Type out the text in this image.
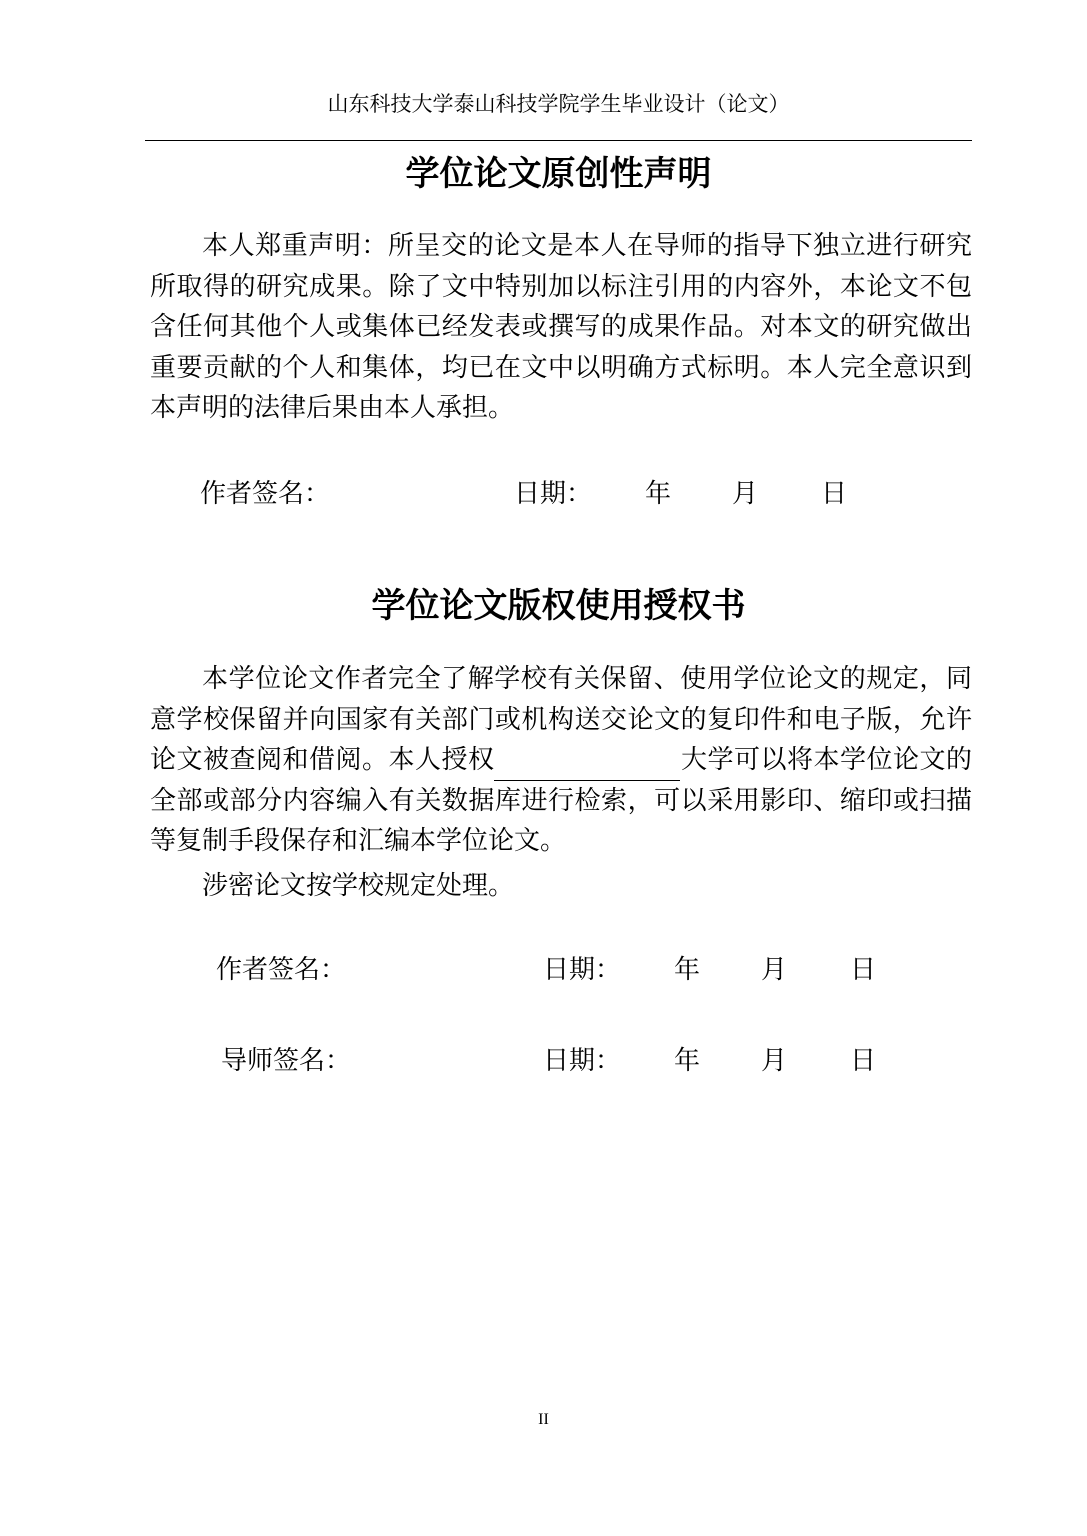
山东科技大学泰山科技学院学生毕业设计（论文）
学位论文原创性声明
本人郑重声明：所呈交的论文是本人在导师的指导下独立进行研究所取得的研究成果。除了文中特别加以标注引用的内容外，本论文不包含任何其他个人或集体已经发表或撰写的成果作品。对本文的研究做出重要贡献的个人和集体，均已在文中以明确方式标明。本人完全意识到本声明的法律后果由本人承担。
作者签名：	日期： 年 月 日
学位论文版权使用授权书
本学位论文作者完全了解学校有关保留、使用学位论文的规定，同意学校保留并向国家有关部门或机构送交论文的复印件和电子版，允许论文被查阅和借阅。本人授权	大学可以将本学位论文的全部或部分内容编入有关数据库进行检索，可以采用影印、缩印或扫描等复制手段保存和汇编本学位论文。
涉密论文按学校规定处理。
作者签名：	日期： 年 月 日
导师签名：	日期： 年 月 日
II
